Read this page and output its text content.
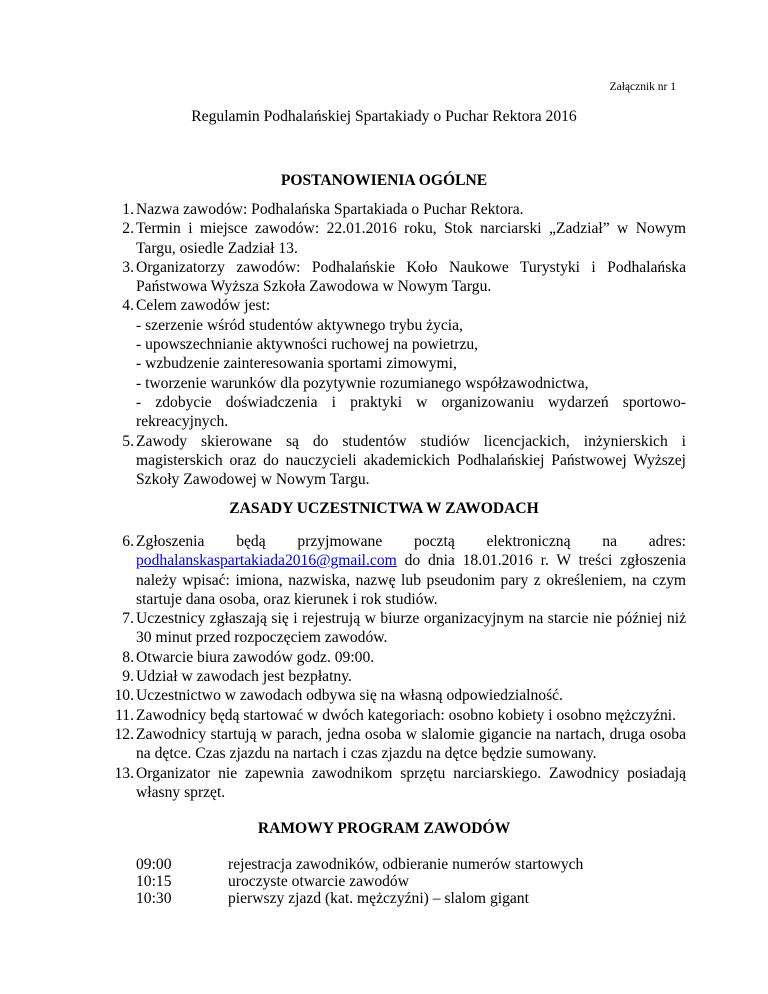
Załącznik nr 1
Regulamin Podhalańskiej Spartakiady o Puchar Rektora 2016
POSTANOWIENIA OGÓLNE
1. Nazwa zawodów: Podhalańska Spartakiada o Puchar Rektora.
2. Termin i miejsce zawodów: 22.01.2016 roku, Stok narciarski „Zadział” w Nowym Targu, osiedle Zadział 13.
3. Organizatorzy zawodów: Podhalańskie Koło Naukowe Turystyki i Podhalańska Państwowa Wyższa Szkoła Zawodowa w Nowym Targu.
4. Celem zawodów jest:
- szerzenie wśród studentów aktywnego trybu życia,
- upowszechnianie aktywności ruchowej na powietrzu,
- wzbudzenie zainteresowania sportami zimowymi,
- tworzenie warunków dla pozytywnie rozumianego współzawodnictwa,
- zdobycie doświadczenia i praktyki w organizowaniu wydarzeń sportowo-rekreacyjnych.
5. Zawody skierowane są do studentów studiów licencjackich, inżynierskich i magisterskich oraz do nauczycieli akademickich Podhalańskiej Państwowej Wyższej Szkoły Zawodowej w Nowym Targu.
ZASADY UCZESTNICTWA W ZAWODACH
6. Zgłoszenia będą przyjmowane pocztą elektroniczną na adres: podhalanskaspartakiada2016@gmail.com do dnia 18.01.2016 r. W treści zgłoszenia należy wpisać: imiona, nazwiska, nazwę lub pseudonim pary z określeniem, na czym startuje dana osoba, oraz kierunek i rok studiów.
7. Uczestnicy zgłaszają się i rejestrują w biurze organizacyjnym na starcie nie później niż 30 minut przed rozpoczęciem zawodów.
8. Otwarcie biura zawodów godz. 09:00.
9. Udział w zawodach jest bezpłatny.
10. Uczestnictwo w zawodach odbywa się na własną odpowiedzialność.
11. Zawodnicy będą startować w dwóch kategoriach: osobno kobiety i osobno mężczyźni.
12. Zawodnicy startują w parach, jedna osoba w slalomie gigancie na nartach, druga osoba na dętce. Czas zjazdu na nartach i czas zjazdu na dętce będzie sumowany.
13. Organizator nie zapewnia zawodnikom sprzętu narciarskiego. Zawodnicy posiadają własny sprzęt.
RAMOWY PROGRAM ZAWODÓW
09:00	rejestracja zawodników, odbieranie numerów startowych
10:15	uroczyste otwarcie zawodów
10:30	pierwszy zjazd (kat. mężczyźni) – slalom gigant
